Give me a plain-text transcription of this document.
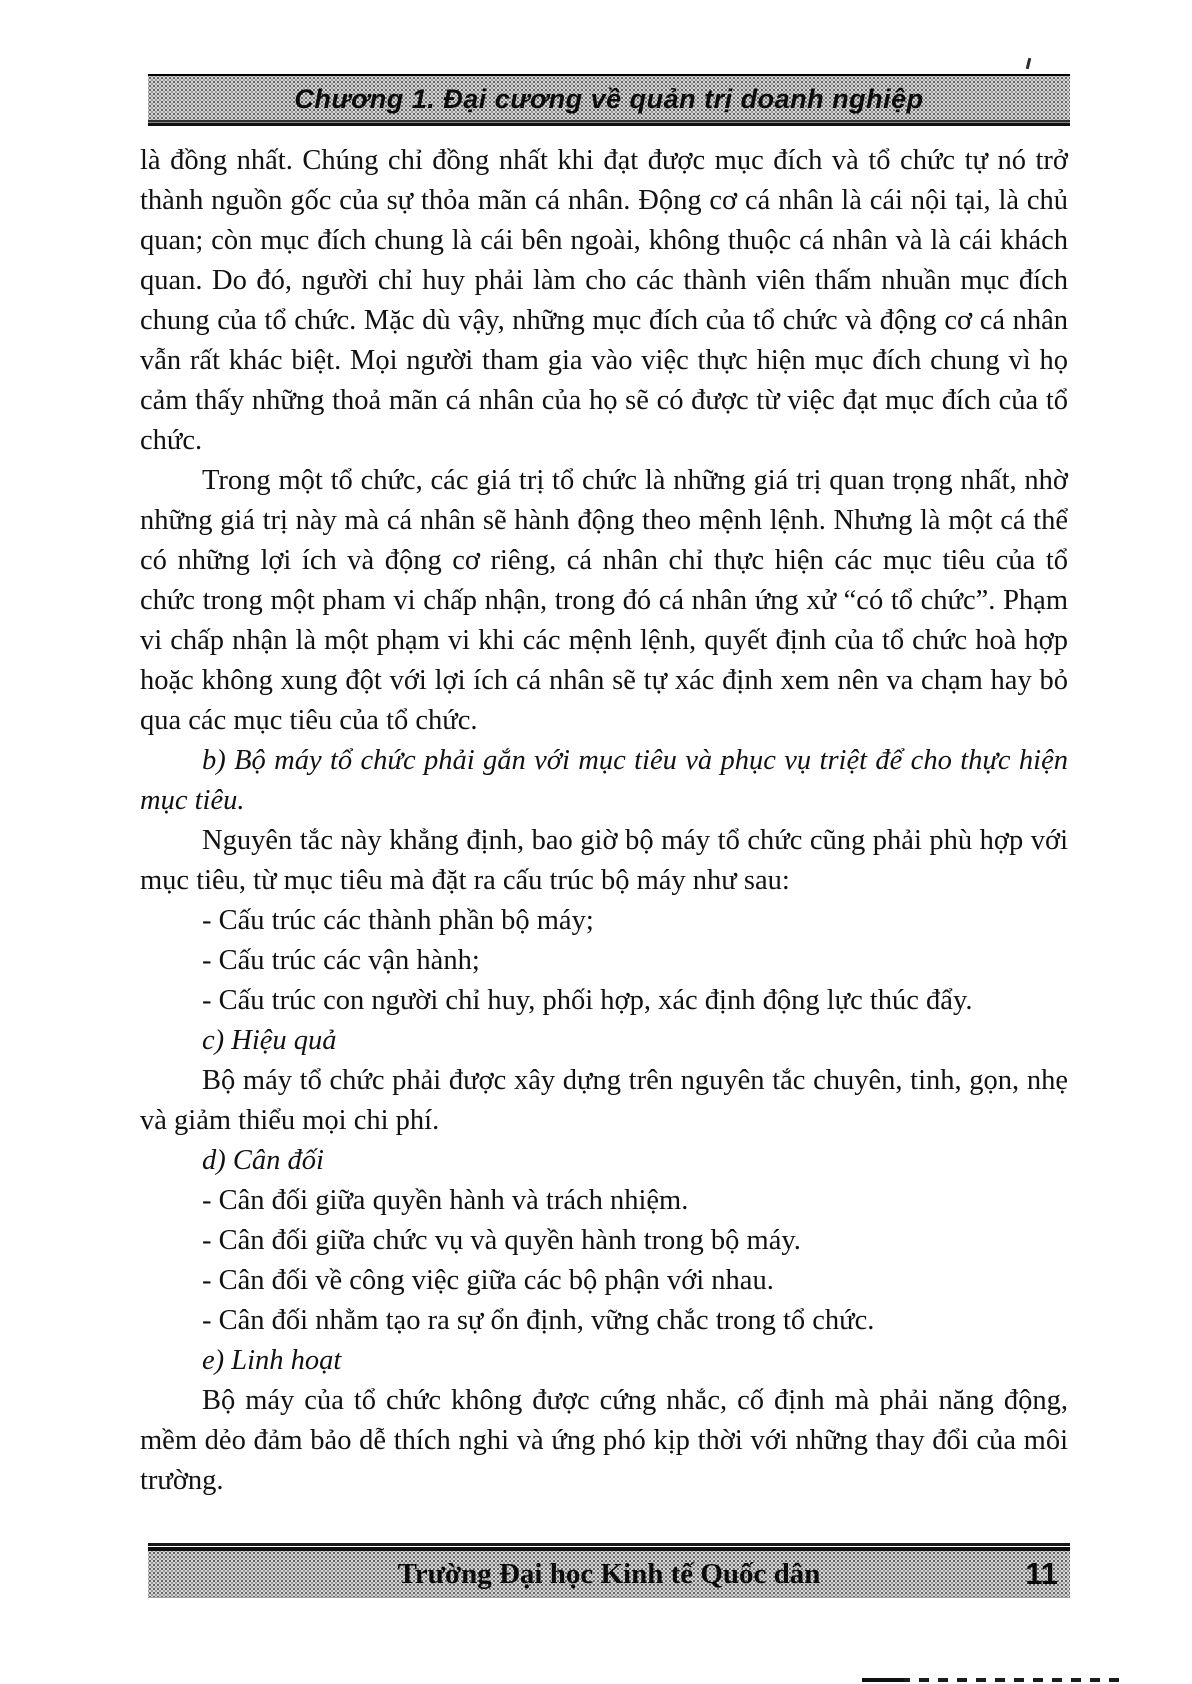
Chương 1. Đại cương về quản trị doanh nghiệp

là đồng nhất. Chúng chỉ đồng nhất khi đạt được mục đích và tổ chức tự nó trở thành nguồn gốc của sự thỏa mãn cá nhân. Động cơ cá nhân là cái nội tại, là chủ quan; còn mục đích chung là cái bên ngoài, không thuộc cá nhân và là cái khách quan. Do đó, người chỉ huy phải làm cho các thành viên thấm nhuần mục đích chung của tổ chức. Mặc dù vậy, những mục đích của tổ chức và động cơ cá nhân vẫn rất khác biệt. Mọi người tham gia vào việc thực hiện mục đích chung vì họ cảm thấy những thoả mãn cá nhân của họ sẽ có được từ việc đạt mục đích của tổ chức.

Trong một tổ chức, các giá trị tổ chức là những giá trị quan trọng nhất, nhờ những giá trị này mà cá nhân sẽ hành động theo mệnh lệnh. Nhưng là một cá thể có những lợi ích và động cơ riêng, cá nhân chỉ thực hiện các mục tiêu của tổ chức trong một pham vi chấp nhận, trong đó cá nhân ứng xử “có tổ chức”. Phạm vi chấp nhận là một phạm vi khi các mệnh lệnh, quyết định của tổ chức hoà hợp hoặc không xung đột với lợi ích cá nhân sẽ tự xác định xem nên va chạm hay bỏ qua các mục tiêu của tổ chức.

b) Bộ máy tổ chức phải gắn với mục tiêu và phục vụ triệt để cho thực hiện mục tiêu.

Nguyên tắc này khẳng định, bao giờ bộ máy tổ chức cũng phải phù hợp với mục tiêu, từ mục tiêu mà đặt ra cấu trúc bộ máy như sau:

- Cấu trúc các thành phần bộ máy;

- Cấu trúc các vận hành;

- Cấu trúc con người chỉ huy, phối hợp, xác định động lực thúc đẩy.

c) Hiệu quả

Bộ máy tổ chức phải được xây dựng trên nguyên tắc chuyên, tinh, gọn, nhẹ và giảm thiểu mọi chi phí.

d) Cân đối

- Cân đối giữa quyền hành và trách nhiệm.

- Cân đối giữa chức vụ và quyền hành trong bộ máy.

- Cân đối về công việc giữa các bộ phận với nhau.

- Cân đối nhằm tạo ra sự ổn định, vững chắc trong tổ chức.

e) Linh hoạt

Bộ máy của tổ chức không được cứng nhắc, cố định mà phải năng động, mềm dẻo đảm bảo dễ thích nghi và ứng phó kịp thời với những thay đổi của môi trường.

Trường Đại học Kinh tế Quốc dân	11
